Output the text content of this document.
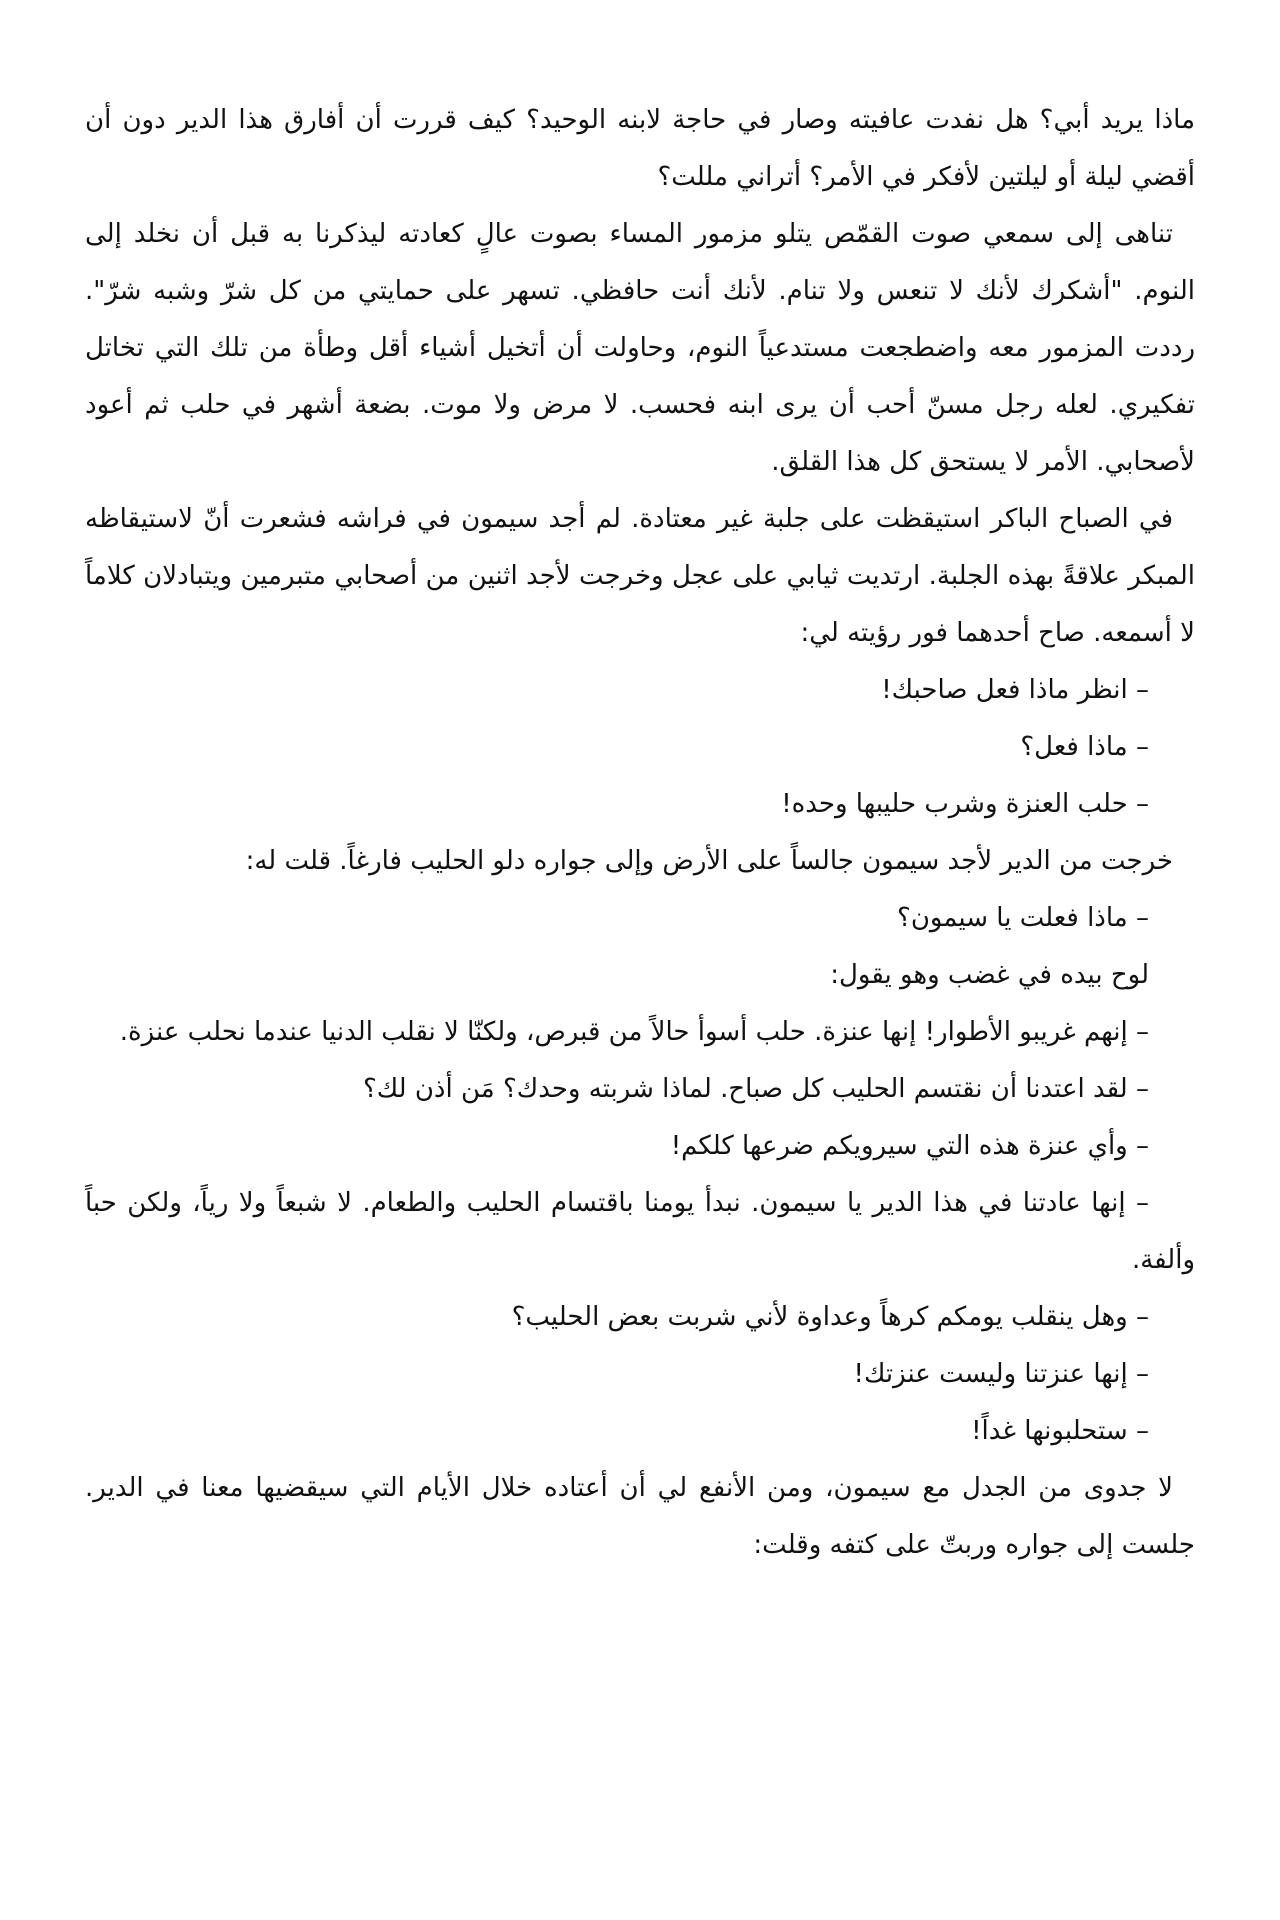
ماذا يريد أبي؟ هل نفدت عافيته وصار في حاجة لابنه الوحيد؟ كيف قررت أن أفارق هذا الدير دون أن أقضي ليلة أو ليلتين لأفكر في الأمر؟ أتراني مللت؟

تناهى إلى سمعي صوت القمّص يتلو مزمور المساء بصوت عالٍ كعادته ليذكرنا به قبل أن نخلد إلى النوم. "أشكرك لأنك لا تنعس ولا تنام. لأنك أنت حافظي. تسهر على حمايتي من كل شرّ وشبه شرّ". رددت المزمور معه واضطجعت مستدعياً النوم، وحاولت أن أتخيل أشياء أقل وطأة من تلك التي تخاتل تفكيري. لعله رجل مسنّ أحب أن يرى ابنه فحسب. لا مرض ولا موت. بضعة أشهر في حلب ثم أعود لأصحابي. الأمر لا يستحق كل هذا القلق.

في الصباح الباكر استيقظت على جلبة غير معتادة. لم أجد سيمون في فراشه فشعرت أنّ لاستيقاظه المبكر علاقةً بهذه الجلبة. ارتديت ثيابي على عجل وخرجت لأجد اثنين من أصحابي متبرمين ويتبادلان كلاماً لا أسمعه. صاح أحدهما فور رؤيته لي:

– انظر ماذا فعل صاحبك!

– ماذا فعل؟

– حلب العنزة وشرب حليبها وحده!

خرجت من الدير لأجد سيمون جالساً على الأرض وإلى جواره دلو الحليب فارغاً. قلت له:

– ماذا فعلت يا سيمون؟

لوح بيده في غضب وهو يقول:

– إنهم غريبو الأطوار! إنها عنزة. حلب أسوأ حالاً من قبرص، ولكنّا لا نقلب الدنيا عندما نحلب عنزة.

– لقد اعتدنا أن نقتسم الحليب كل صباح. لماذا شربته وحدك؟ مَن أذن لك؟

– وأي عنزة هذه التي سيرويكم ضرعها كلكم!

– إنها عادتنا في هذا الدير يا سيمون. نبدأ يومنا باقتسام الحليب والطعام. لا شبعاً ولا رياً، ولكن حباً وألفة.

– وهل ينقلب يومكم كرهاً وعداوة لأني شربت بعض الحليب؟

– إنها عنزتنا وليست عنزتك!

– ستحلبونها غداً!

لا جدوى من الجدل مع سيمون، ومن الأنفع لي أن أعتاده خلال الأيام التي سيقضيها معنا في الدير. جلست إلى جواره وربتّ على كتفه وقلت:
